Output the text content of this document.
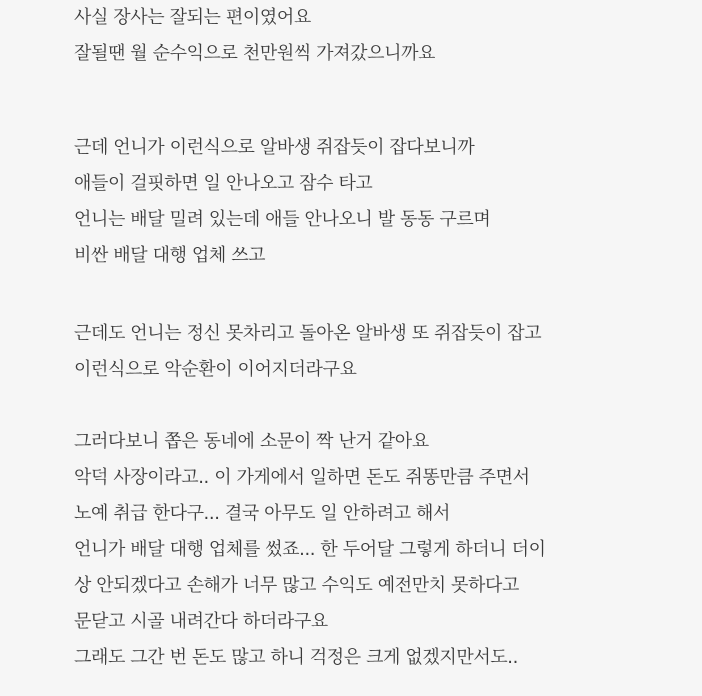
사실 장사는 잘되는 편이였어요
잘될땐 월 순수익으로 천만원씩 가져갔으니까요
근데 언니가 이런식으로 알바생 쥐잡듯이 잡다보니까
애들이 걸핏하면 일 안나오고 잠수 타고
언니는 배달 밀려 있는데 애들 안나오니 발 동동 구르며
비싼 배달 대행 업체 쓰고
근데도 언니는 정신 못차리고 돌아온 알바생 또 쥐잡듯이 잡고
이런식으로 악순환이 이어지더라구요
그러다보니 쫍은 동네에 소문이 짝 난거 같아요
악덕 사장이라고.. 이 가게에서 일하면 돈도 쥐똥만큼 주면서
노예 취급 한다구... 결국 아무도 일 안하려고 해서
언니가 배달 대행 업체를 썼죠... 한 두어달 그렇게 하더니 더이
상 안되겠다고 손해가 너무 많고 수익도 예전만치 못하다고
문닫고 시골 내려간다 하더라구요
그래도 그간 번 돈도 많고 하니 걱정은 크게 없겠지만서도..
